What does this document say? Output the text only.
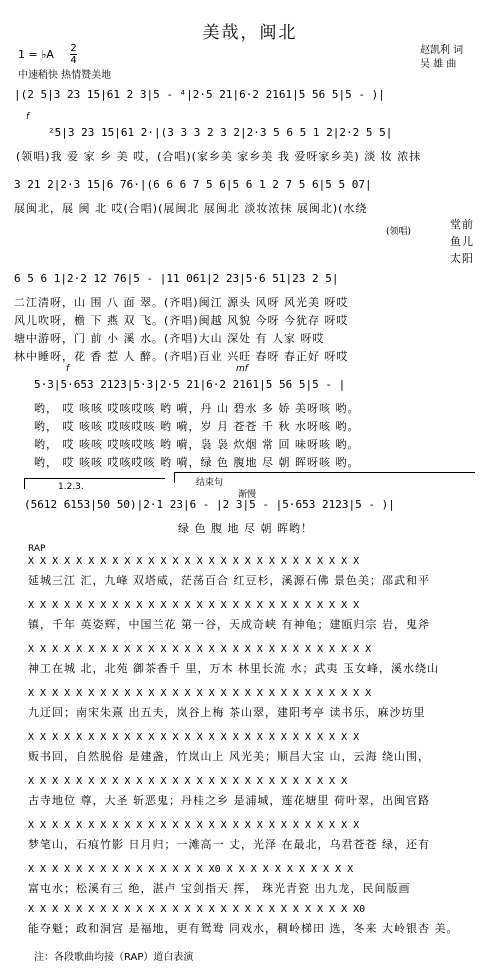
美哉，闽北
1 = ♭A 2
4
中速稍快 热情赞美地
赵凯利 词
吴 雄 曲
|(2 5|3 23 15|61 2 3|5 - ⁴|2·5 21|6·2 2161|5 56 5|5 - )|
f
²5|3 23 15|61 2·|(3 3 3 2 3 2|2·3 5 6 5 1 2|2·2 5 5|
(领唱)我 爱 家 乡 美 哎，(合唱)(家乡美 家乡美 我 爱呀家乡美) 淡 妆 浓抹
3 21 2|2·3 15|6 76·|(6 6 6 7 5 6|5 6 1 2 7 5 6|5 5 07|
展闽北，展 闽 北 哎(合唱)(展闽北 展闽北 淡妆浓抹 展闽北)(水绕
堂前
鱼儿
太阳
(领唱)
6 5 6 1|2·2 12 76|5 - |11 061|2 23|5·6 51|23 2 5|
二江清呀，山 围 八 面 翠。(齐唱)闽江 源头 风呀 风光美 呀哎
风儿吹呀，檐 下 燕 双 飞。(齐唱)闽越 风貌 今呀 今犹存 呀哎
塘中游呀，门 前 小 溪 水。(齐唱)大山 深处 有 人家 呀哎
林中睡呀，花 香 惹 人 醉。(齐唱)百业 兴旺 春呀 春正好 呀哎
f	mf
5·3|5·653 2123|5·3|2·5 21|6·2 2161|5 56 5|5 - |
哟， 哎 咳咳 哎咳哎咳 哟 嗬，丹 山 碧水 多 娇 美呀咳 哟。
哟， 哎 咳咳 哎咳哎咳 哟 嗬，岁 月 苍苍 千 秋 水呀咳 哟。
哟， 哎 咳咳 哎咳哎咳 哟 嗬，袅 袅 炊烟 常 回 味呀咳 哟。
哟， 哎 咳咳 哎咳哎咳 哟 嗬，绿 色 腹地 尽 朝 晖呀咳 哟。
1.2.3.	结束句
渐慢
(5612 6153|50 50)|2·1 23|6 - |2 3|5 - |5·653 2123|5 - )|
绿 色 腹 地 尽 朝 晖哟！
RAP
X X X X X X X X X X X X X X X X X X X X X X X X X X X X
延城三江 汇，九峰 双塔威，茫荡百合 红豆杉，溪源石佛 景色美；邵武和平
X X X X X X X X X X X X X X X X X X X X X X X X X X X X
镇，千年 英姿辉，中国兰花 第一谷，天成奇峡 有神龟；建瓯归宗 岩，鬼斧
X X X X X X X X X X X X X X X X X X X X X X X X X X X X X
神工在城 北，北苑 御茶香千 里，万木 林里长流 水；武夷 玉女峰，溪水绕山
X X X X X X X X X X X X X X X X X X X X X X X X X X X X X
九迂回；南宋朱熹 出五夫，岚谷上梅 茶山翠，建阳考亭 读书乐，麻沙坊里
X X X X X X X X X X X X X X X X X X X X X X X X X X X X
贩书回，自然脱俗 是建盏，竹岚山上 风光美；顺昌大宝 山，云海 绕山围，
X X X X X X X X X X X X X X X X X X X X X X X X X X X
古寺地位 尊，大圣 斩恶鬼；丹桂之乡 是浦城，莲花塘里 荷叶翠，出闽官路
X X X X X X X X X X X X X X X X X X X X X X X X X X X X
梦笔山，石痕竹影 日月归；一滩高一 丈，光泽 在最北，乌君苍苍 绿，还有
X X X X X X X X X X X X X X X X0 X X X X X X X X X X X
富屯水；松溪有三 绝，湛卢 宝剑指天 挥， 珠光青瓷 出九龙，民间版画
X X X X X X X X X X X X X X X X X X X X X X X X X X X X0
能夺魁；政和洞宫 是福地，更有鸳鸯 同戏水，稠岭梯田 选，冬来 大岭银杏 美。
注：各段歌曲均接（RAP）道白表演
